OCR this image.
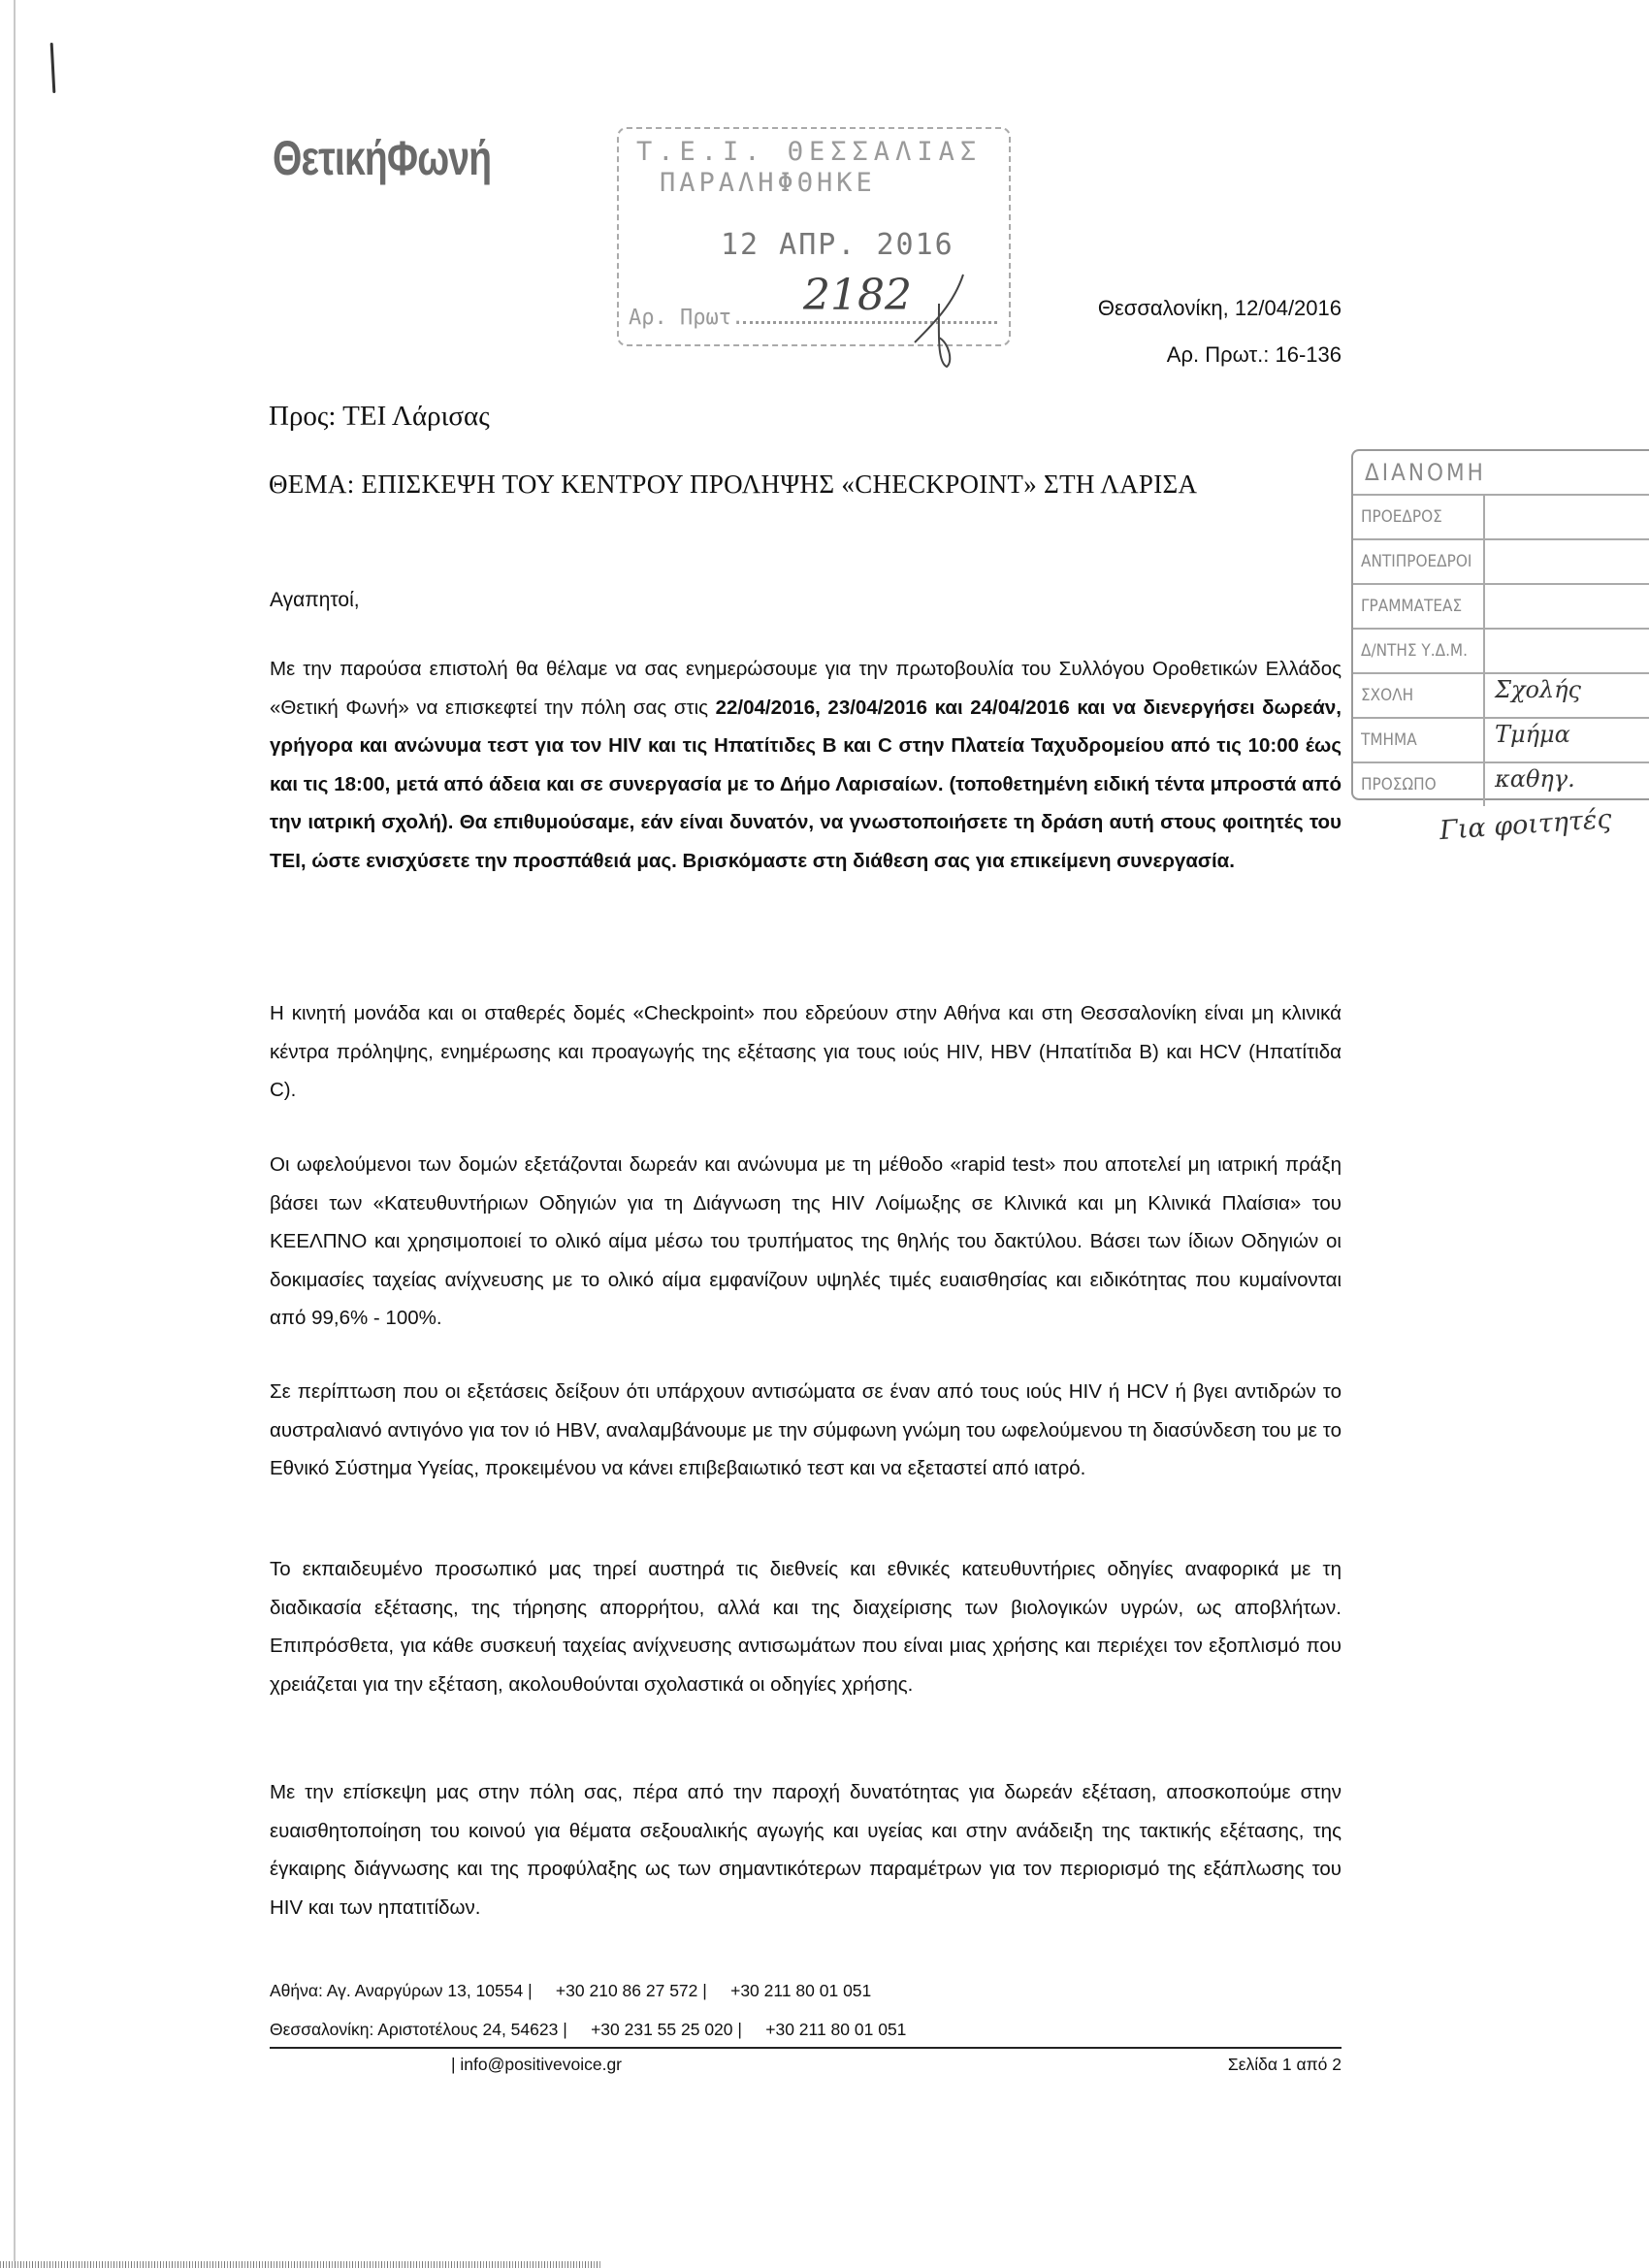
ΘετικήΦωνή	Τ.Ε.Ι. ΘΕΣΣΑΛΙΑΣ
ΠΑΡΑΛΗΦΘΗΚΕ
12 ΑΠΡ. 2016
Αρ. Πρωτ. 2182	Θεσσαλονίκη, 12/04/2016
Αρ. Πρωτ.: 16-136
Προς: ΤΕΙ Λάρισας
ΘΕΜΑ: ΕΠΙΣΚΕΨΗ ΤΟΥ ΚΕΝΤΡΟΥ ΠΡΟΛΗΨΗΣ «CHECKPOINT» ΣΤΗ ΛΑΡΙΣΑ	ΔΙΑΝΟΜΗ
ΠΡΟΕΔΡΟΣ
ΑΝΤΙΠΡΟΕΔΡΟΙ
ΓΡΑΜΜΑΤΕΑΣ
Δ/ΝΤΗΣ Υ.Δ.Μ.
ΣΧΟΛΗ	Σχολής
ΤΜΗΜΑ	Τμήμα
ΠΡΟΣΩΠΟ	καθηγ.
Για φοιτητές
Αγαπητοί,
Με την παρούσα επιστολή θα θέλαμε να σας ενημερώσουμε για την πρωτοβουλία του Συλλόγου Οροθετικών Ελλάδος «Θετική Φωνή» να επισκεφτεί την πόλη σας στις 22/04/2016, 23/04/2016 και 24/04/2016 και να διενεργήσει δωρεάν, γρήγορα και ανώνυμα τεστ για τον HIV και τις Ηπατίτιδες Β και C στην Πλατεία Ταχυδρομείου από τις 10:00 έως και τις 18:00, μετά από άδεια και σε συνεργασία με το Δήμο Λαρισαίων. (τοποθετημένη ειδική τέντα μπροστά από την ιατρική σχολή). Θα επιθυμούσαμε, εάν είναι δυνατόν, να γνωστοποιήσετε τη δράση αυτή στους φοιτητές του ΤΕΙ, ώστε ενισχύσετε την προσπάθειά μας. Βρισκόμαστε στη διάθεση σας για επικείμενη συνεργασία.
Η κινητή μονάδα και οι σταθερές δομές «Checkpoint» που εδρεύουν στην Αθήνα και στη Θεσσαλονίκη είναι μη κλινικά κέντρα πρόληψης, ενημέρωσης και προαγωγής της εξέτασης για τους ιούς HIV, HBV (Ηπατίτιδα Β) και HCV (Ηπατίτιδα C).
Οι ωφελούμενοι των δομών εξετάζονται δωρεάν και ανώνυμα με τη μέθοδο «rapid test» που αποτελεί μη ιατρική πράξη βάσει των «Κατευθυντήριων Οδηγιών για τη Διάγνωση της HIV Λοίμωξης σε Κλινικά και μη Κλινικά Πλαίσια» του ΚΕΕΛΠΝΟ και χρησιμοποιεί το ολικό αίμα μέσω του τρυπήματος της θηλής του δακτύλου. Βάσει των ίδιων Οδηγιών οι δοκιμασίες ταχείας ανίχνευσης με το ολικό αίμα εμφανίζουν υψηλές τιμές ευαισθησίας και ειδικότητας που κυμαίνονται από 99,6% - 100%.
Σε περίπτωση που οι εξετάσεις δείξουν ότι υπάρχουν αντισώματα σε έναν από τους ιούς HIV ή HCV ή βγει αντιδρών το αυστραλιανό αντιγόνο για τον ιό HBV, αναλαμβάνουμε με την σύμφωνη γνώμη του ωφελούμενου τη διασύνδεση του με το Εθνικό Σύστημα Υγείας, προκειμένου να κάνει επιβεβαιωτικό τεστ και να εξεταστεί από ιατρό.
Το εκπαιδευμένο προσωπικό μας τηρεί αυστηρά τις διεθνείς και εθνικές κατευθυντήριες οδηγίες αναφορικά με τη διαδικασία εξέτασης, της τήρησης απορρήτου, αλλά και της διαχείρισης των βιολογικών υγρών, ως αποβλήτων. Επιπρόσθετα, για κάθε συσκευή ταχείας ανίχνευσης αντισωμάτων που είναι μιας χρήσης και περιέχει τον εξοπλισμό που χρειάζεται για την εξέταση, ακολουθούνται σχολαστικά οι οδηγίες χρήσης.
Με την επίσκεψη μας στην πόλη σας, πέρα από την παροχή δυνατότητας για δωρεάν εξέταση, αποσκοπούμε στην ευαισθητοποίηση του κοινού για θέματα σεξουαλικής αγωγής και υγείας και στην ανάδειξη της τακτικής εξέτασης, της έγκαιρης διάγνωσης και της προφύλαξης ως των σημαντικότερων παραμέτρων για τον περιορισμό της εξάπλωσης του HIV και των ηπατιτίδων.
Αθήνα: Αγ. Αναργύρων 13, 10554 |     +30 210 86 27 572 |     +30 211 80 01 051
Θεσσαλονίκη: Αριστοτέλους 24, 54623 |     +30 231 55 25 020 |     +30 211 80 01 051
| info@positivevoice.gr	Σελίδα 1 από 2
